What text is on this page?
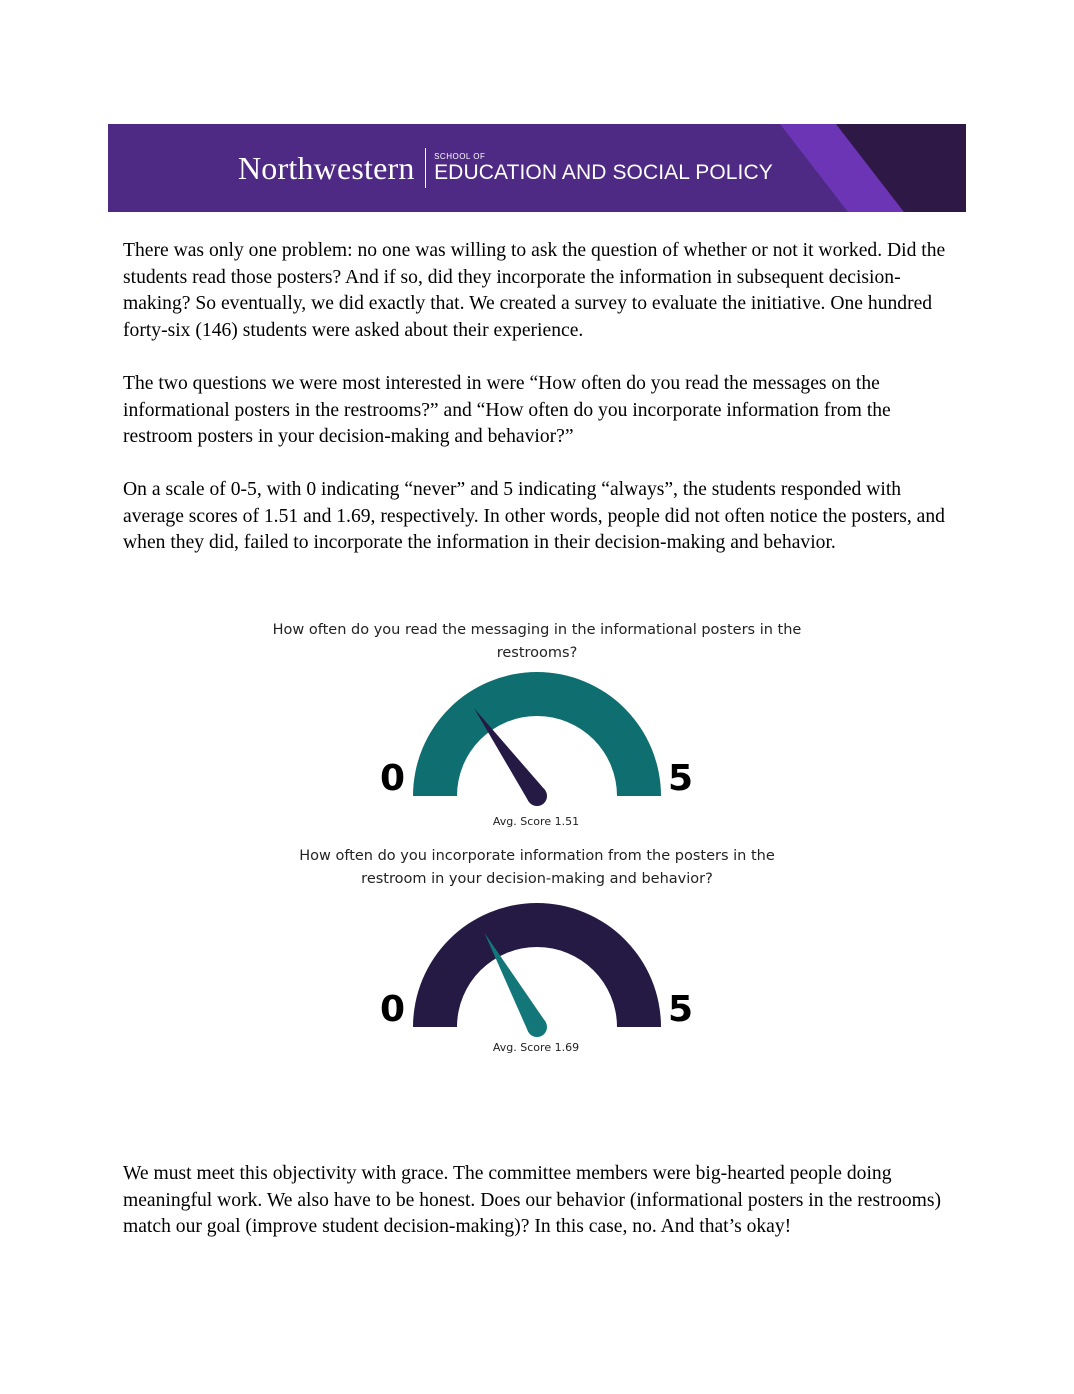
Northwestern SCHOOL OF
EDUCATION AND SOCIAL POLICY

There was only one problem: no one was willing to ask the question of whether or not it worked. Did the students read those posters? And if so, did they incorporate the information in subsequent decision-making? So eventually, we did exactly that. We created a survey to evaluate the initiative. One hundred forty-six (146) students were asked about their experience.

The two questions we were most interested in were “How often do you read the messages on the informational posters in the restrooms?” and “How often do you incorporate information from the restroom posters in your decision-making and behavior?”

On a scale of 0-5, with 0 indicating “never” and 5 indicating “always”, the students responded with average scores of 1.51 and 1.69, respectively. In other words, people did not often notice the posters, and when they did, failed to incorporate the information in their decision-making and behavior.

How often do you read the messaging in the informational posters in the restrooms?
0	5
Avg. Score 1.51
How often do you incorporate information from the posters in the restroom in your decision-making and behavior?
0	5
Avg. Score 1.69

We must meet this objectivity with grace. The committee members were big-hearted people doing meaningful work. We also have to be honest. Does our behavior (informational posters in the restrooms) match our goal (improve student decision-making)? In this case, no. And that’s okay!
